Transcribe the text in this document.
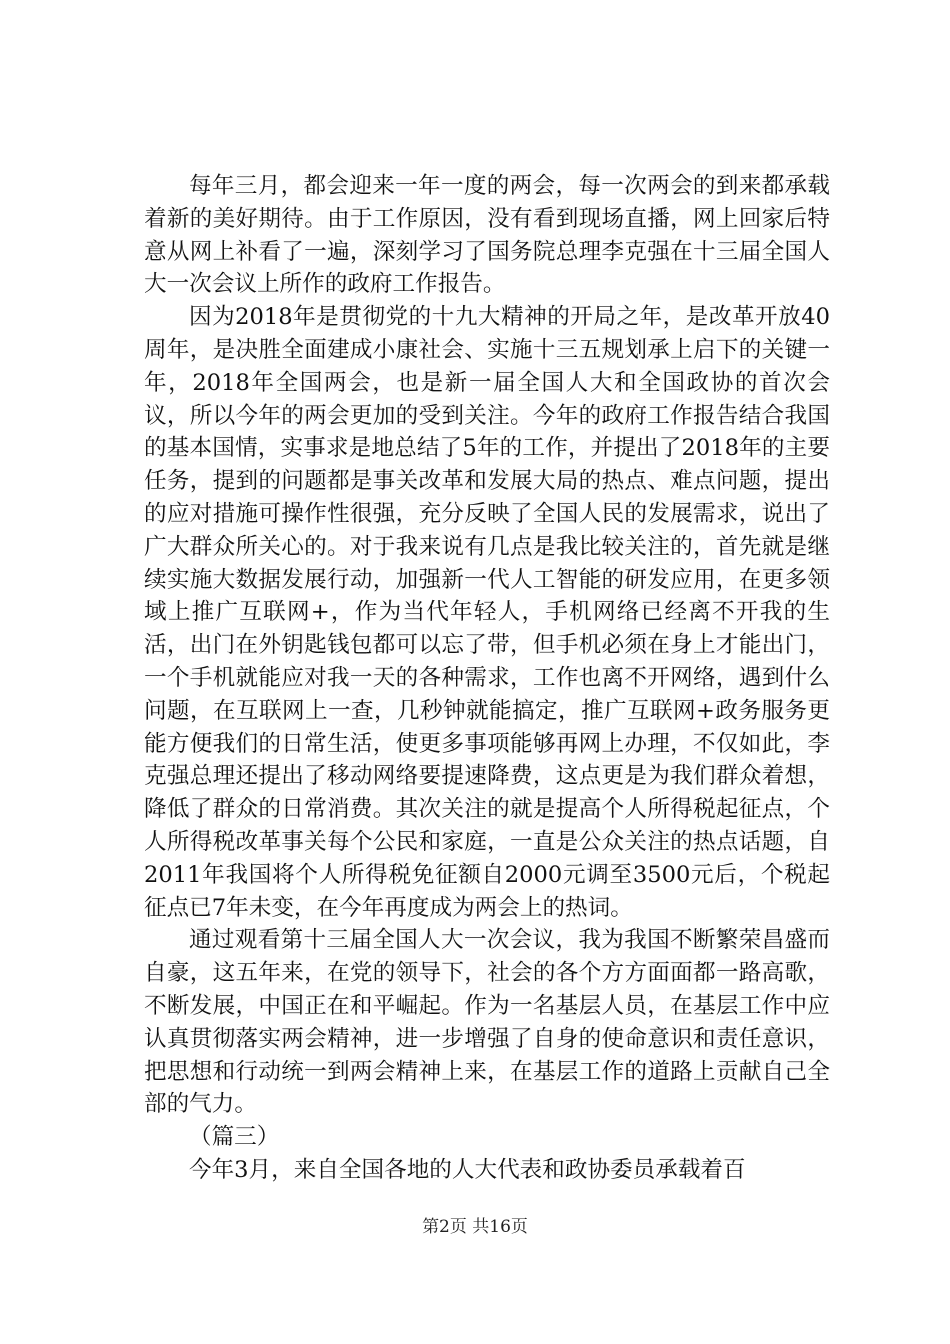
每年三月，都会迎来一年一度的两会，每一次两会的到来都承载着新的美好期待。由于工作原因，没有看到现场直播，网上回家后特意从网上补看了一遍，深刻学习了国务院总理李克强在十三届全国人大一次会议上所作的政府工作报告。

因为2018年是贯彻党的十九大精神的开局之年，是改革开放40周年，是决胜全面建成小康社会、实施十三五规划承上启下的关键一年，2018年全国两会，也是新一届全国人大和全国政协的首次会议，所以今年的两会更加的受到关注。今年的政府工作报告结合我国的基本国情，实事求是地总结了5年的工作，并提出了2018年的主要任务，提到的问题都是事关改革和发展大局的热点、难点问题，提出的应对措施可操作性很强，充分反映了全国人民的发展需求，说出了广大群众所关心的。对于我来说有几点是我比较关注的，首先就是继续实施大数据发展行动，加强新一代人工智能的研发应用，在更多领域上推广互联网+，作为当代年轻人，手机网络已经离不开我的生活，出门在外钥匙钱包都可以忘了带，但手机必须在身上才能出门，一个手机就能应对我一天的各种需求，工作也离不开网络，遇到什么问题，在互联网上一查，几秒钟就能搞定，推广互联网+政务服务更能方便我们的日常生活，使更多事项能够再网上办理，不仅如此，李克强总理还提出了移动网络要提速降费，这点更是为我们群众着想，降低了群众的日常消费。其次关注的就是提高个人所得税起征点，个人所得税改革事关每个公民和家庭，一直是公众关注的热点话题，自2011年我国将个人所得税免征额自2000元调至3500元后，个税起征点已7年未变，在今年再度成为两会上的热词。

通过观看第十三届全国人大一次会议，我为我国不断繁荣昌盛而自豪，这五年来，在党的领导下，社会的各个方方面面都一路高歌，不断发展，中国正在和平崛起。作为一名基层人员，在基层工作中应认真贯彻落实两会精神，进一步增强了自身的使命意识和责任意识，把思想和行动统一到两会精神上来，在基层工作的道路上贡献自己全部的气力。

（篇三）

今年3月，来自全国各地的人大代表和政协委员承载着百

第2页 共16页
